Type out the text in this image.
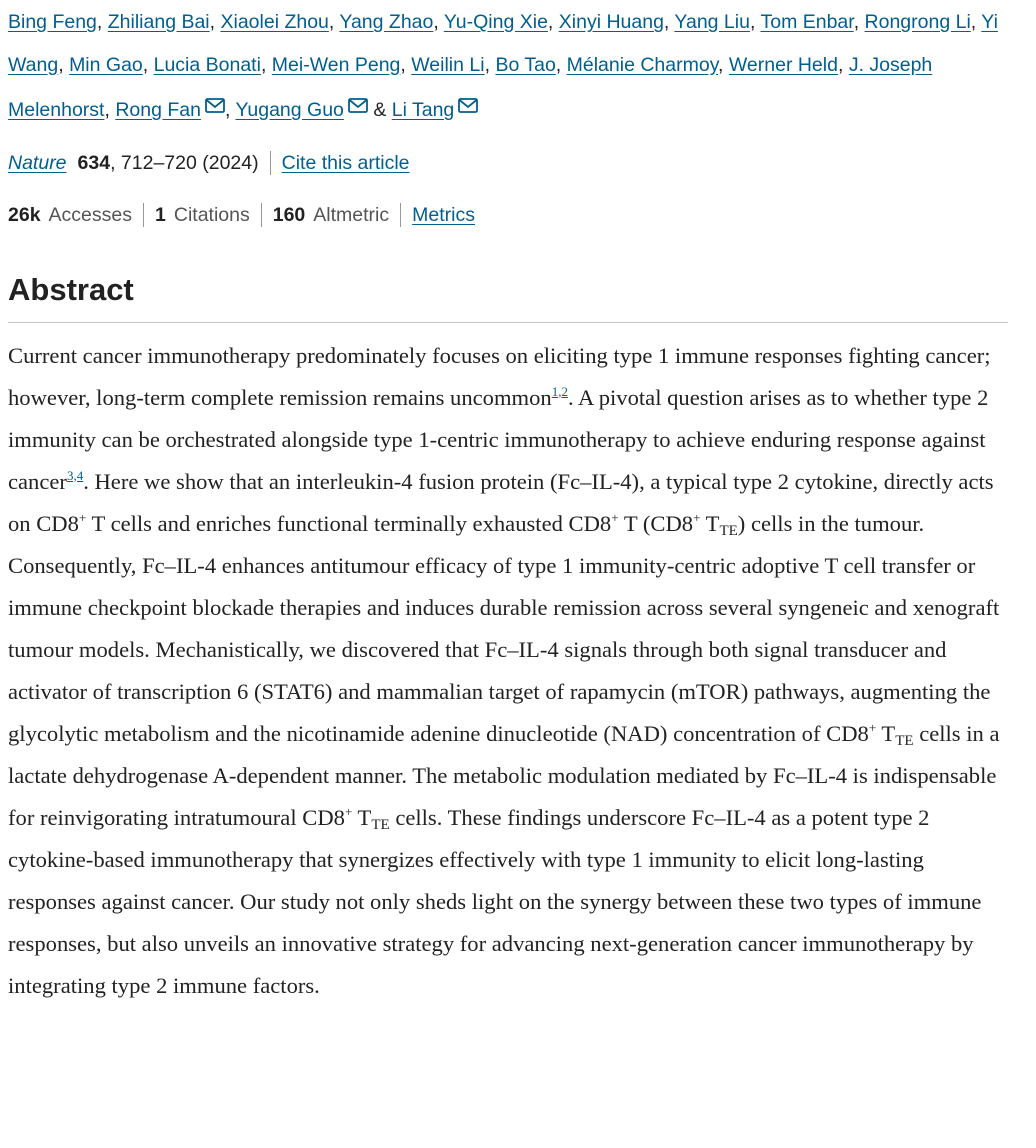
Bing Feng, Zhiliang Bai, Xiaolei Zhou, Yang Zhao, Yu-Qing Xie, Xinyi Huang, Yang Liu, Tom Enbar, Rongrong Li, Yi Wang, Min Gao, Lucia Bonati, Mei-Wen Peng, Weilin Li, Bo Tao, Mélanie Charmoy, Werner Held, J. Joseph Melenhorst, Rong Fan , Yugang Guo & Li Tang

Nature 634 , 712–720 (2024) Cite this article
26k Accesses 1 Citations 160 Altmetric Metrics
Abstract

Current cancer immunotherapy predominately focuses on eliciting type 1 immune responses fighting cancer; however, long-term complete remission remains uncommon$^{1,2}$. A pivotal question arises as to whether type 2 immunity can be orchestrated alongside type 1-centric immunotherapy to achieve enduring response against cancer$^{3,4}$. Here we show that an interleukin-4 fusion protein (Fc–IL-4), a typical type 2 cytokine, directly acts on CD8+ T cells and enriches functional terminally exhausted CD8+ T (CD8+ $T_{TE}$) cells in the tumour. Consequently, Fc–IL-4 enhances antitumour efficacy of type 1 immunity-centric adoptive T cell transfer or immune checkpoint blockade therapies and induces durable remission across several syngeneic and xenograft tumour models. Mechanistically, we discovered that Fc–IL-4 signals through both signal transducer and activator of transcription 6 (STAT6) and mammalian target of rapamycin (mTOR) pathways, augmenting the glycolytic metabolism and the nicotinamide adenine dinucleotide (NAD) concentration of CD8+ $T_{TE}$ cells in a lactate dehydrogenase A-dependent manner. The metabolic modulation mediated by Fc–IL-4 is indispensable for reinvigorating intratumoural CD8+ $T_{TE}$ cells. These findings underscore Fc–IL-4 as a potent type 2 cytokine-based immunotherapy that synergizes effectively with type 1 immunity to elicit long-lasting responses against cancer. Our study not only sheds light on the synergy between these two types of immune responses, but also unveils an innovative strategy for advancing next-generation cancer immunotherapy by integrating type 2 immune factors.
